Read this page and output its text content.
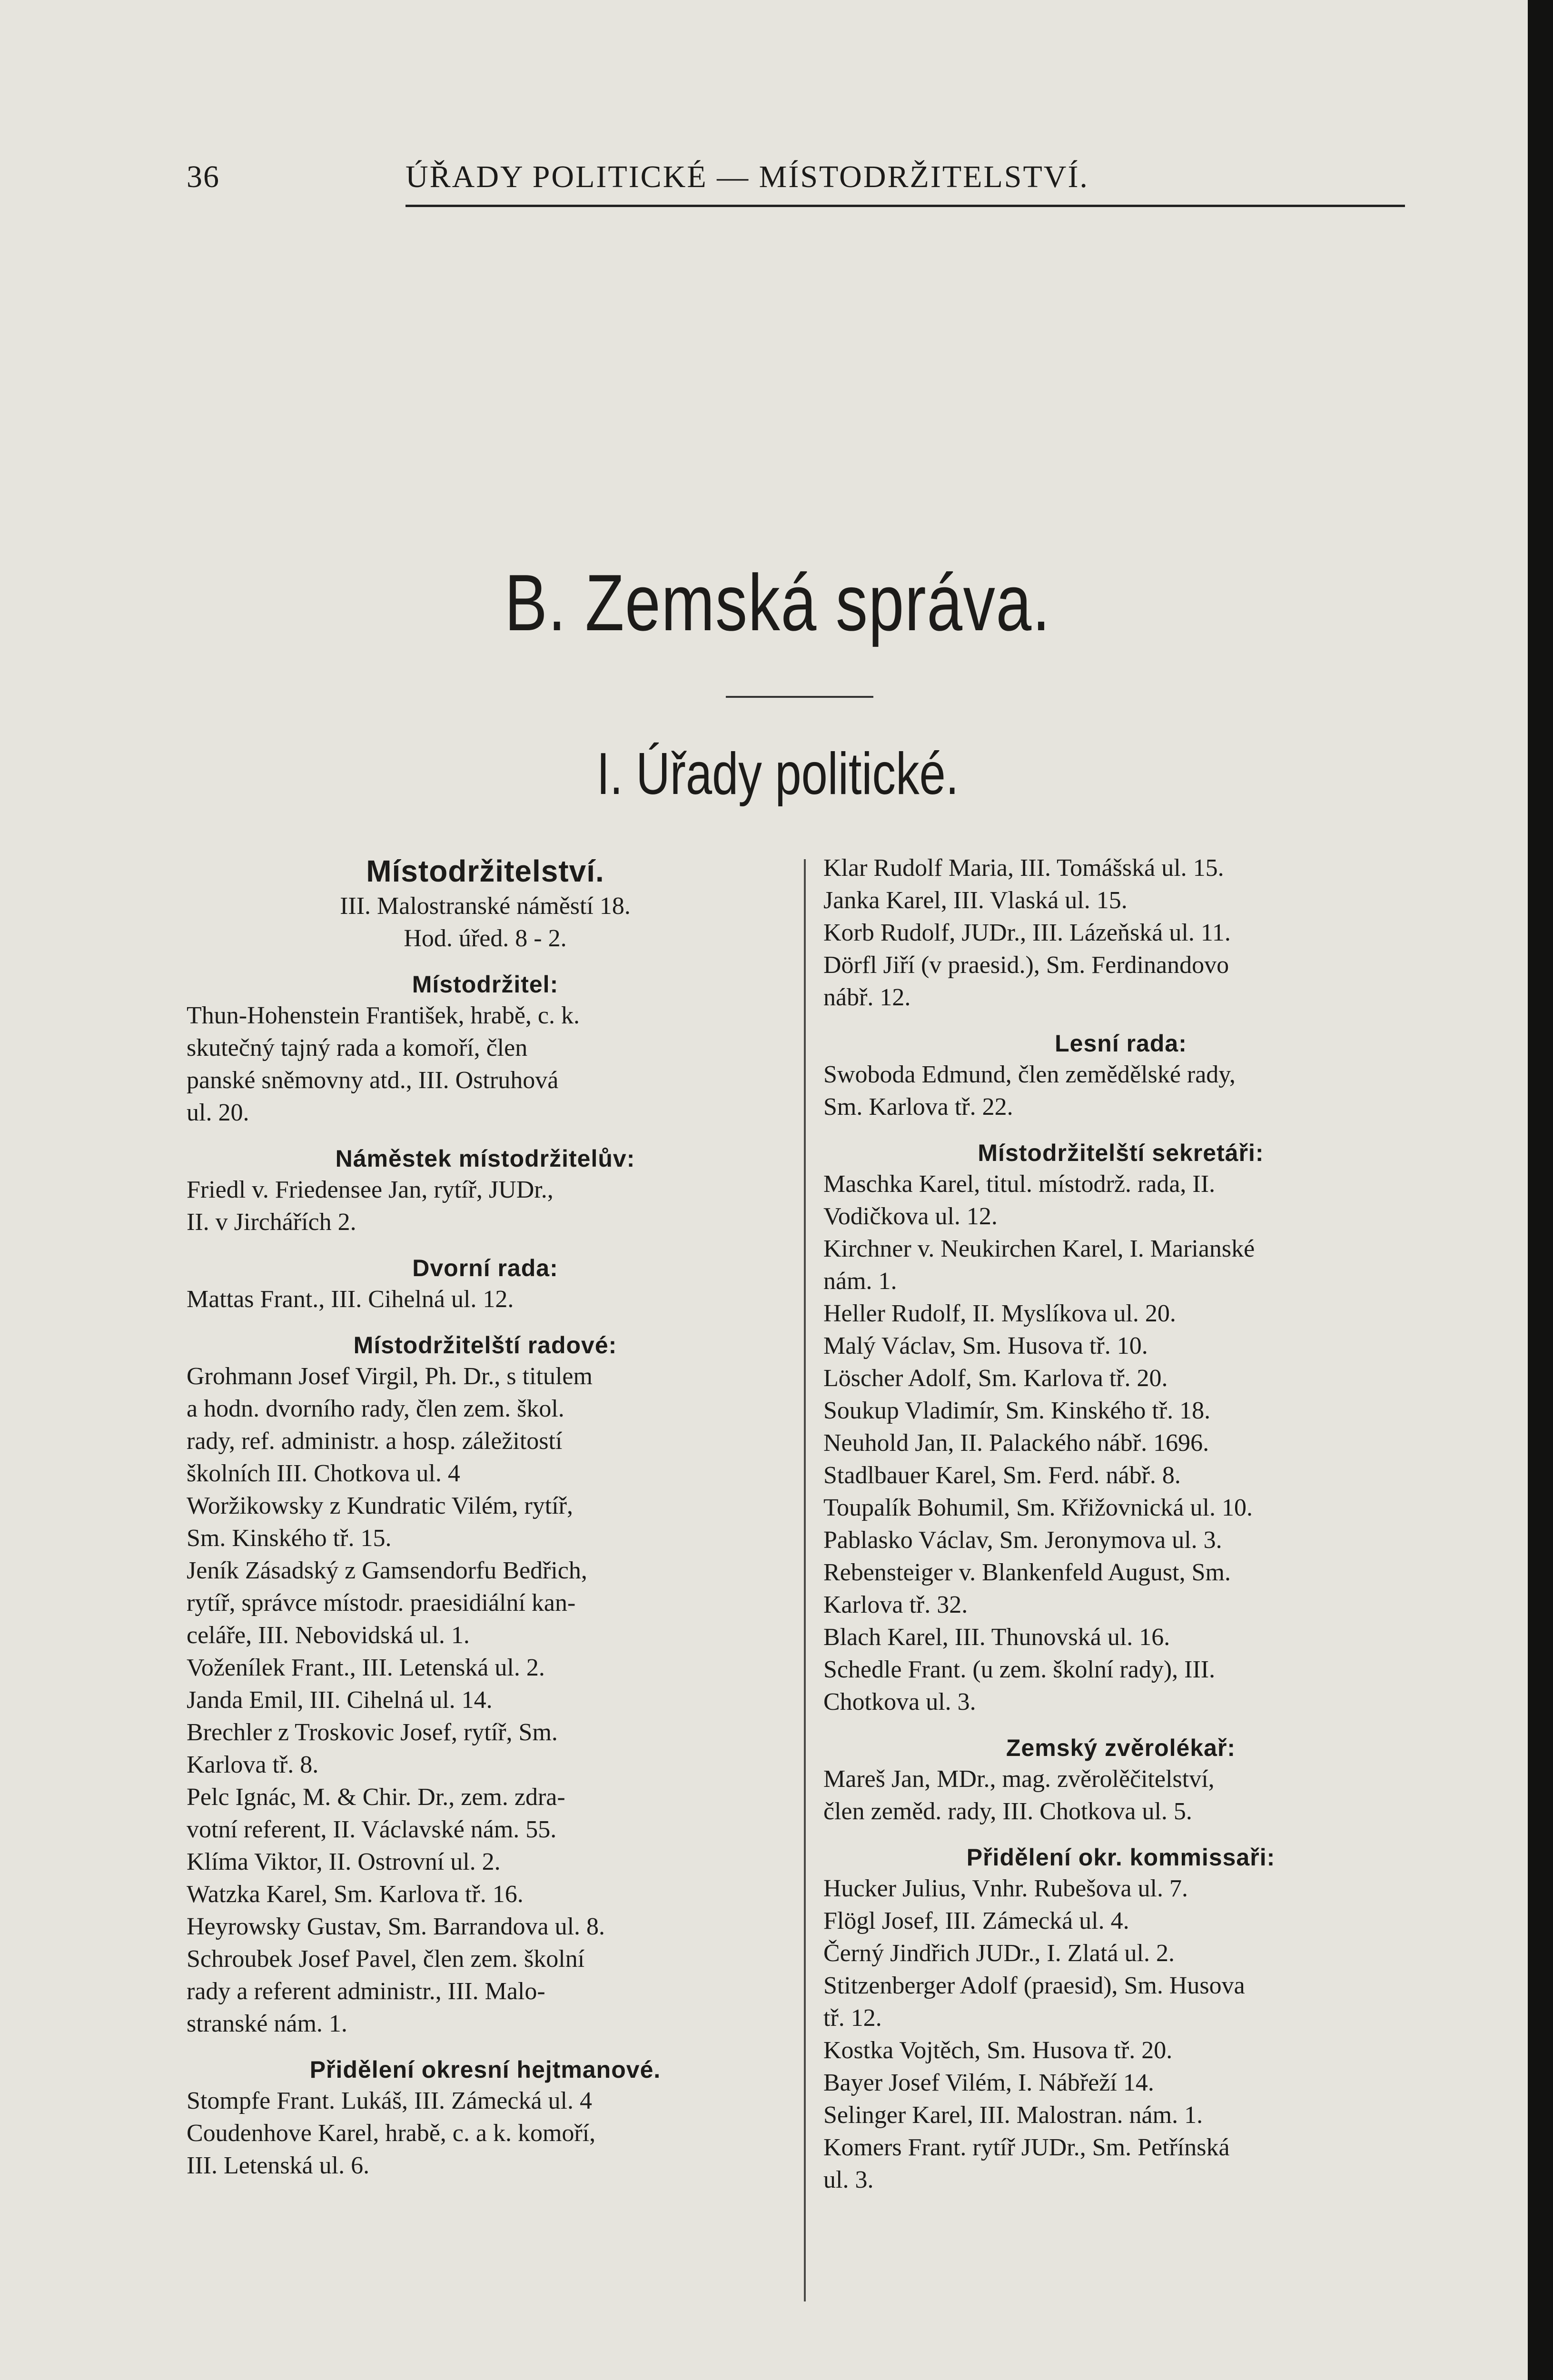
36	ÚŘADY POLITICKÉ — MÍSTODRŽITELSTVÍ.
B. Zemská správa.
I. Úřady politické.
Místodržitelství.
III. Malostranské náměstí 18.
Hod. úřed. 8 - 2.
Místodržitel:
Thun-Hohenstein František, hrabě, c. k.
skutečný tajný rada a komoří, člen
panské sněmovny atd., III. Ostruhová
ul. 20.
Náměstek místodržitelův:
Friedl v. Friedensee Jan, rytíř, JUDr.,
II. v Jirchářích 2.
Dvorní rada:
Mattas Frant., III. Cihelná ul. 12.
Místodržitelští radové:
Grohmann Josef Virgil, Ph. Dr., s titulem
a hodn. dvorního rady, člen zem. škol.
rady, ref. administr. a hosp. záležitostí
školních III. Chotkova ul. 4
Woržikowsky z Kundratic Vilém, rytíř,
Sm. Kinského tř. 15.
Jeník Zásadský z Gamsendorfu Bedřich,
rytíř, správce místodr. praesidiální kan-
celáře, III. Nebovidská ul. 1.
Voženílek Frant., III. Letenská ul. 2.
Janda Emil, III. Cihelná ul. 14.
Brechler z Troskovic Josef, rytíř, Sm.
Karlova tř. 8.
Pelc Ignác, M. & Chir. Dr., zem. zdra-
votní referent, II. Václavské nám. 55.
Klíma Viktor, II. Ostrovní ul. 2.
Watzka Karel, Sm. Karlova tř. 16.
Heyrowsky Gustav, Sm. Barrandova ul. 8.
Schroubek Josef Pavel, člen zem. školní
rady a referent administr., III. Malo-
stranské nám. 1.
Přidělení okresní hejtmanové.
Stompfe Frant. Lukáš, III. Zámecká ul. 4
Coudenhove Karel, hrabě, c. a k. komoří,
III. Letenská ul. 6.
Klar Rudolf Maria, III. Tomášská ul. 15.
Janka Karel, III. Vlaská ul. 15.
Korb Rudolf, JUDr., III. Lázeňská ul. 11.
Dörfl Jiří (v praesid.), Sm. Ferdinandovo
nábř. 12.
Lesní rada:
Swoboda Edmund, člen zemědělské rady,
Sm. Karlova tř. 22.
Místodržitelští sekretáři:
Maschka Karel, titul. místodrž. rada, II.
Vodičkova ul. 12.
Kirchner v. Neukirchen Karel, I. Marianské
nám. 1.
Heller Rudolf, II. Myslíkova ul. 20.
Malý Václav, Sm. Husova tř. 10.
Löscher Adolf, Sm. Karlova tř. 20.
Soukup Vladimír, Sm. Kinského tř. 18.
Neuhold Jan, II. Palackého nábř. 1696.
Stadlbauer Karel, Sm. Ferd. nábř. 8.
Toupalík Bohumil, Sm. Křižovnická ul. 10.
Pablasko Václav, Sm. Jeronymova ul. 3.
Rebensteiger v. Blankenfeld August, Sm.
Karlova tř. 32.
Blach Karel, III. Thunovská ul. 16.
Schedle Frant. (u zem. školní rady), III.
Chotkova ul. 3.
Zemský zvěrolékař:
Mareš Jan, MDr., mag. zvěrolěčitelství,
člen zeměd. rady, III. Chotkova ul. 5.
Přidělení okr. kommissaři:
Hucker Julius, Vnhr. Rubešova ul. 7.
Flögl Josef, III. Zámecká ul. 4.
Černý Jindřich JUDr., I. Zlatá ul. 2.
Stitzenberger Adolf (praesid), Sm. Husova
tř. 12.
Kostka Vojtěch, Sm. Husova tř. 20.
Bayer Josef Vilém, I. Nábřeží 14.
Selinger Karel, III. Malostran. nám. 1.
Komers Frant. rytíř JUDr., Sm. Petřínská
ul. 3.
